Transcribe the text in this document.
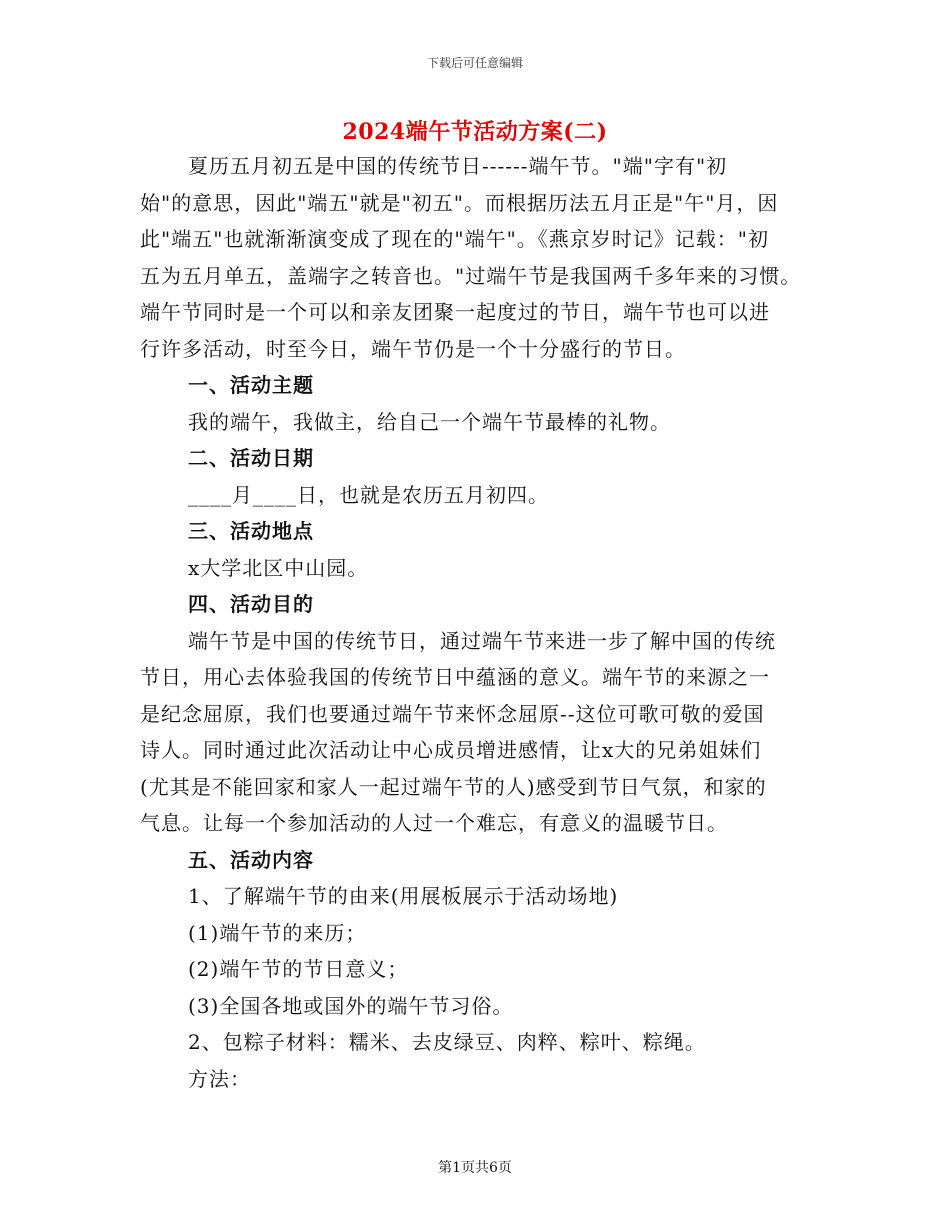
下载后可任意编辑
2024端午节活动方案(二)
夏历五月初五是中国的传统节日------端午节。"端"字有"初
始"的意思，因此"端五"就是"初五"。而根据历法五月正是"午"月，因
此"端五"也就渐渐演变成了现在的"端午"。《燕京岁时记》记载："初
五为五月单五，盖端字之转音也。"过端午节是我国两千多年来的习惯。
端午节同时是一个可以和亲友团聚一起度过的节日，端午节也可以进
行许多活动，时至今日，端午节仍是一个十分盛行的节日。
一、活动主题
我的端午，我做主，给自己一个端午节最棒的礼物。
二、活动日期
____月____日，也就是农历五月初四。
三、活动地点
x大学北区中山园。
四、活动目的
端午节是中国的传统节日，通过端午节来进一步了解中国的传统
节日，用心去体验我国的传统节日中蕴涵的意义。端午节的来源之一
是纪念屈原，我们也要通过端午节来怀念屈原--这位可歌可敬的爱国
诗人。同时通过此次活动让中心成员增进感情，让x大的兄弟姐妹们
(尤其是不能回家和家人一起过端午节的人)感受到节日气氛，和家的
气息。让每一个参加活动的人过一个难忘，有意义的温暖节日。
五、活动内容
1、了解端午节的由来(用展板展示于活动场地)
(1)端午节的来历；
(2)端午节的节日意义；
(3)全国各地或国外的端午节习俗。
2、包粽子材料：糯米、去皮绿豆、肉粹、粽叶、粽绳。
方法：
第1页共6页
